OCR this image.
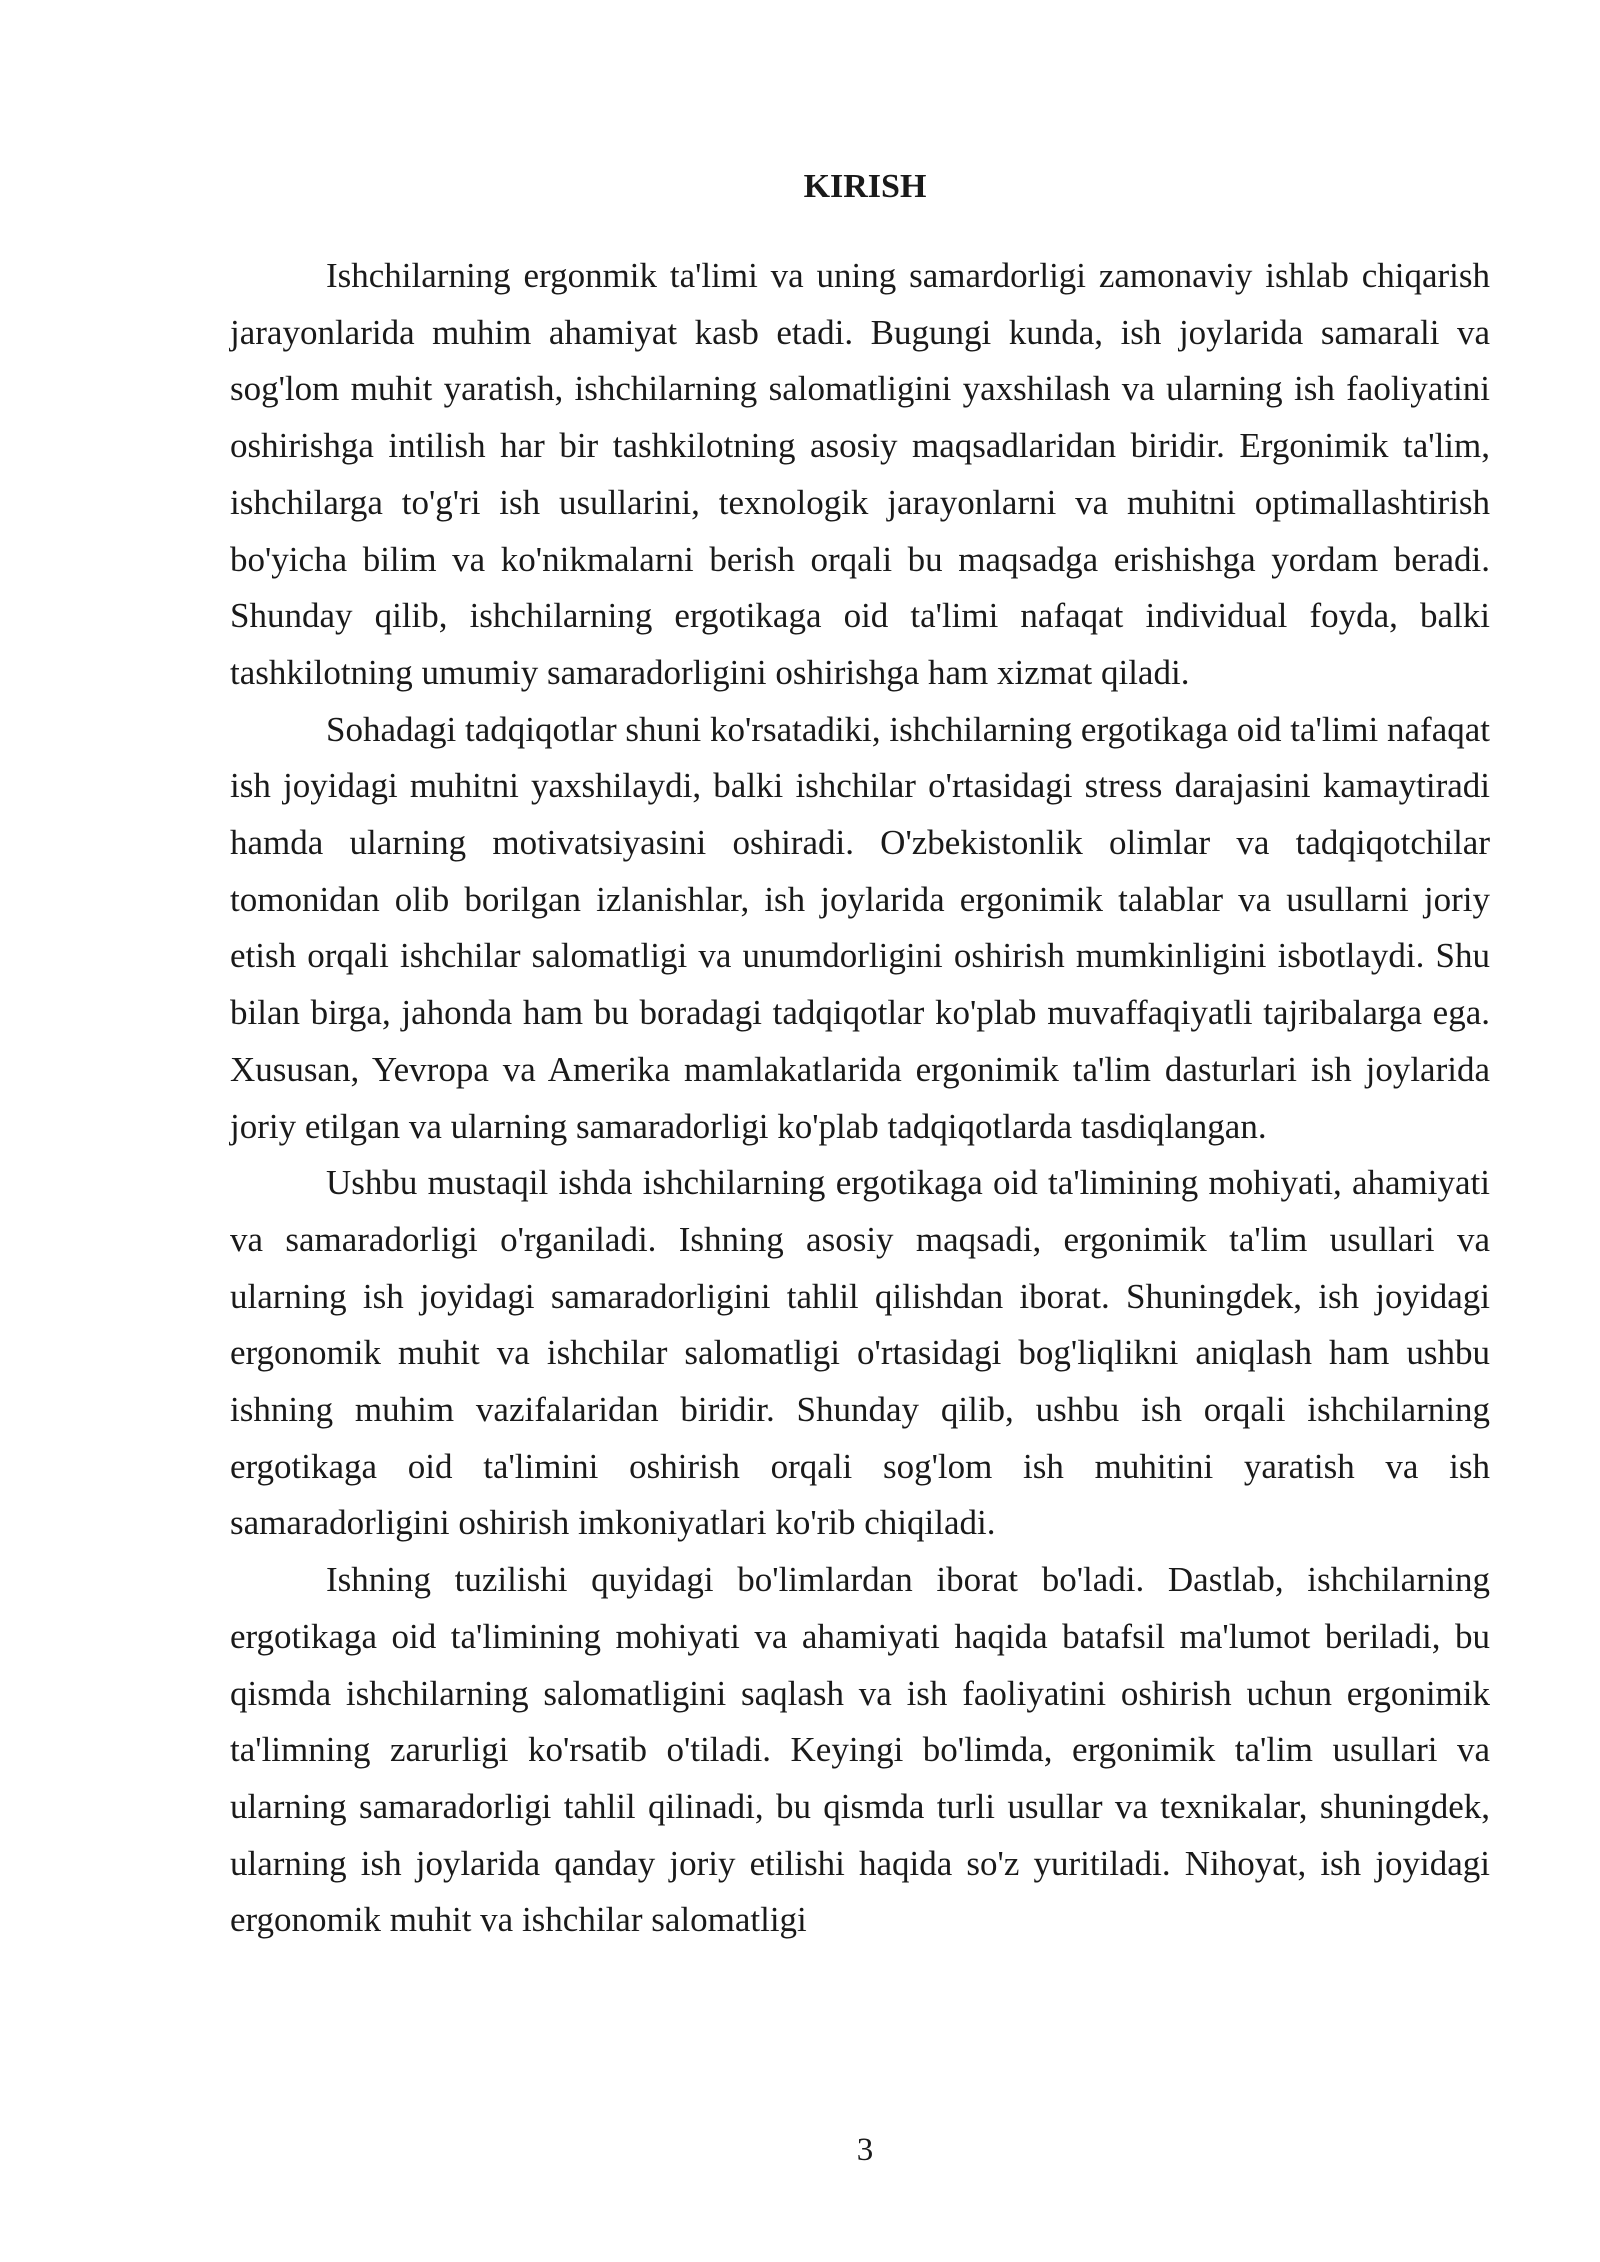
KIRISH

Ishchilarning ergonmik ta'limi va uning samardorligi zamonaviy ishlab chiqarish jarayonlarida muhim ahamiyat kasb etadi. Bugungi kunda, ish joylarida samarali va sog'lom muhit yaratish, ishchilarning salomatligini yaxshilash va ularning ish faoliyatini oshirishga intilish har bir tashkilotning asosiy maqsadlaridan biridir. Ergonimik ta'lim, ishchilarga to'g'ri ish usullarini, texnologik jarayonlarni va muhitni optimallashtirish bo'yicha bilim va ko'nikmalarni berish orqali bu maqsadga erishishga yordam beradi. Shunday qilib, ishchilarning ergotikaga oid ta'limi nafaqat individual foyda, balki tashkilotning umumiy samaradorligini oshirishga ham xizmat qiladi.

Sohadagi tadqiqotlar shuni ko'rsatadiki, ishchilarning ergotikaga oid ta'limi nafaqat ish joyidagi muhitni yaxshilaydi, balki ishchilar o'rtasidagi stress darajasini kamaytiradi hamda ularning motivatsiyasini oshiradi. O'zbekistonlik olimlar va tadqiqotchilar tomonidan olib borilgan izlanishlar, ish joylarida ergonimik talablar va usullarni joriy etish orqali ishchilar salomatligi va unumdorligini oshirish mumkinligini isbotlaydi. Shu bilan birga, jahonda ham bu boradagi tadqiqotlar ko'plab muvaffaqiyatli tajribalarga ega. Xususan, Yevropa va Amerika mamlakatlarida ergonimik ta'lim dasturlari ish joylarida joriy etilgan va ularning samaradorligi ko'plab tadqiqotlarda tasdiqlangan.

Ushbu mustaqil ishda ishchilarning ergotikaga oid ta'limining mohiyati, ahamiyati va samaradorligi o'rganiladi. Ishning asosiy maqsadi, ergonimik ta'lim usullari va ularning ish joyidagi samaradorligini tahlil qilishdan iborat. Shuningdek, ish joyidagi ergonomik muhit va ishchilar salomatligi o'rtasidagi bog'liqlikni aniqlash ham ushbu ishning muhim vazifalaridan biridir. Shunday qilib, ushbu ish orqali ishchilarning ergotikaga oid ta'limini oshirish orqali sog'lom ish muhitini yaratish va ish samaradorligini oshirish imkoniyatlari ko'rib chiqiladi.

Ishning tuzilishi quyidagi bo'limlardan iborat bo'ladi. Dastlab, ishchilarning ergotikaga oid ta'limining mohiyati va ahamiyati haqida batafsil ma'lumot beriladi, bu qismda ishchilarning salomatligini saqlash va ish faoliyatini oshirish uchun ergonimik ta'limning zarurligi ko'rsatib o'tiladi. Keyingi bo'limda, ergonimik ta'lim usullari va ularning samaradorligi tahlil qilinadi, bu qismda turli usullar va texnikalar, shuningdek, ularning ish joylarida qanday joriy etilishi haqida so'z yuritiladi. Nihoyat, ish joyidagi ergonomik muhit va ishchilar salomatligi

3
